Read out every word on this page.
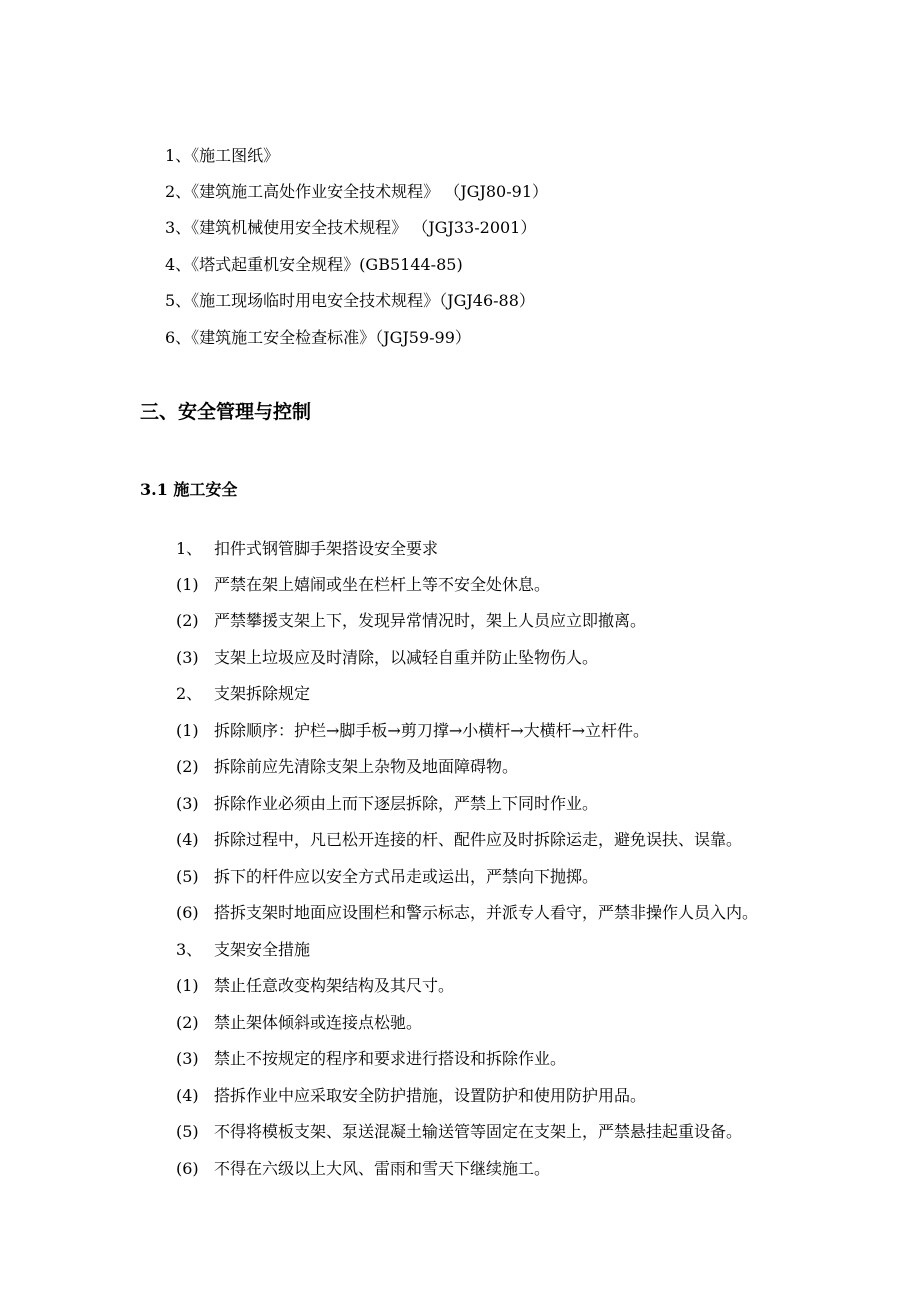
1、《施工图纸》
2、《建筑施工高处作业安全技术规程》 （JGJ80-91）
3、《建筑机械使用安全技术规程》 （JGJ33-2001）
4、《塔式起重机安全规程》(GB5144-85)
5、《施工现场临时用电安全技术规程》（JGJ46-88）
6、《建筑施工安全检查标准》（JGJ59-99）
三、安全管理与控制
3.1 施工安全
1、 扣件式钢管脚手架搭设安全要求
(1) 严禁在架上嬉闹或坐在栏杆上等不安全处休息。
(2) 严禁攀援支架上下，发现异常情况时，架上人员应立即撤离。
(3) 支架上垃圾应及时清除，以减轻自重并防止坠物伤人。
2、 支架拆除规定
(1) 拆除顺序：护栏→脚手板→剪刀撑→小横杆→大横杆→立杆件。
(2) 拆除前应先清除支架上杂物及地面障碍物。
(3) 拆除作业必须由上而下逐层拆除，严禁上下同时作业。
(4) 拆除过程中，凡已松开连接的杆、配件应及时拆除运走，避免误扶、误靠。
(5) 拆下的杆件应以安全方式吊走或运出，严禁向下抛掷。
(6) 搭拆支架时地面应设围栏和警示标志，并派专人看守，严禁非操作人员入内。
3、 支架安全措施
(1) 禁止任意改变构架结构及其尺寸。
(2) 禁止架体倾斜或连接点松驰。
(3) 禁止不按规定的程序和要求进行搭设和拆除作业。
(4) 搭拆作业中应采取安全防护措施，设置防护和使用防护用品。
(5) 不得将模板支架、泵送混凝土输送管等固定在支架上，严禁悬挂起重设备。
(6) 不得在六级以上大风、雷雨和雪天下继续施工。
